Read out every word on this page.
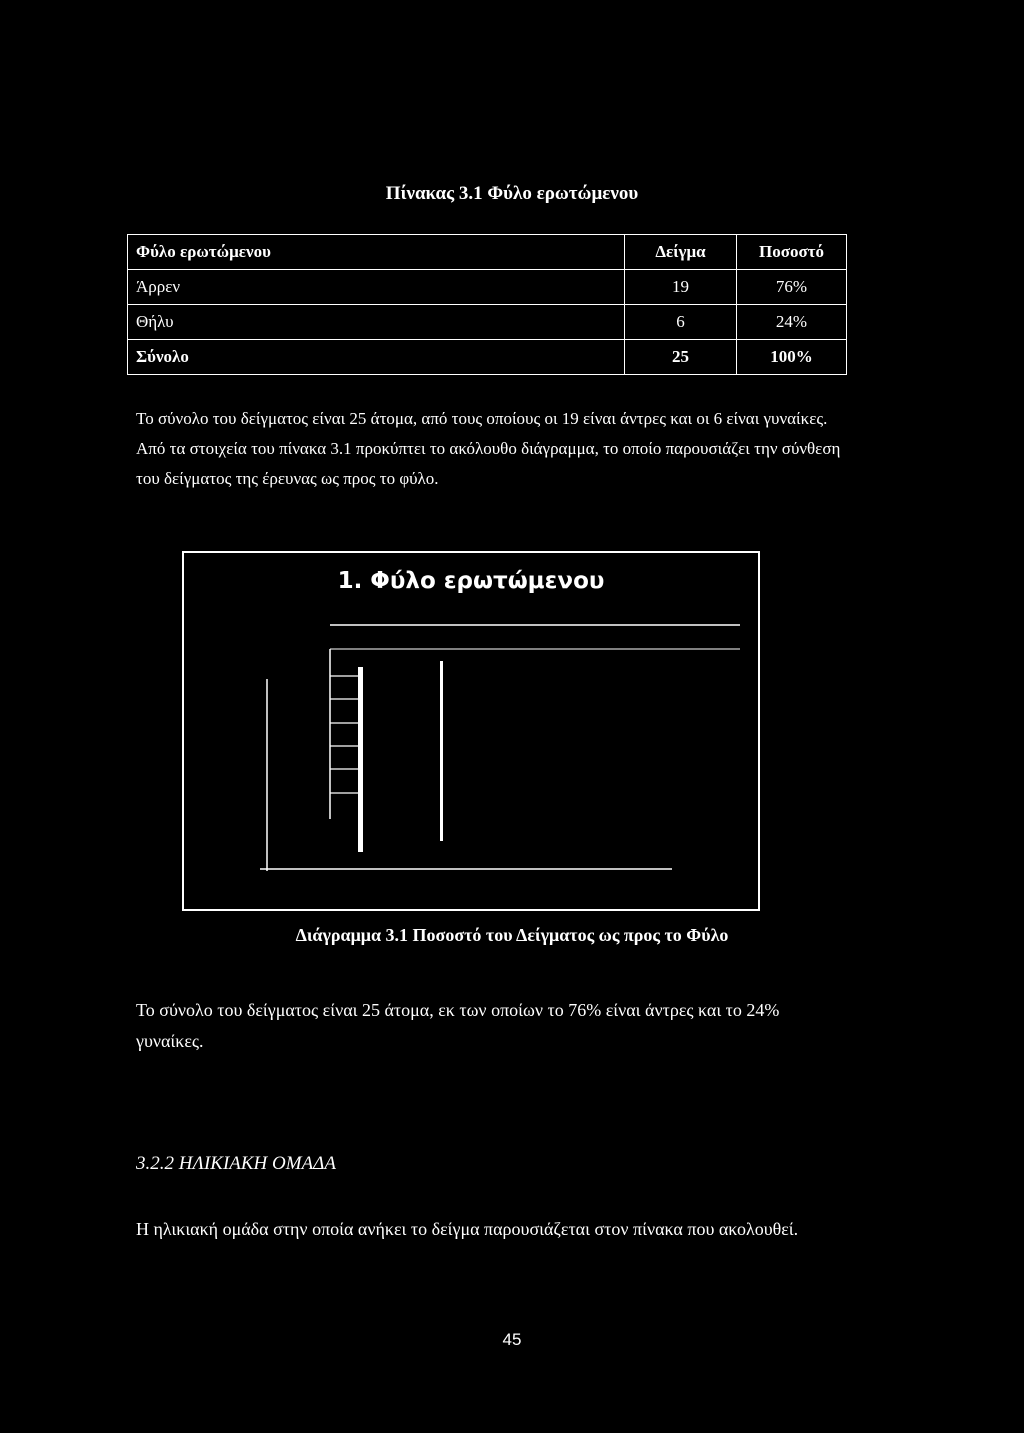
Πίνακας 3.1 Φύλο ερωτώμενου
Φύλο ερωτώμενου	Δείγμα	Ποσοστό
Άρρεν	19	76%
Θήλυ	6	24%
Σύνολο	25	100%
Το σύνολο του δείγματος είναι 25 άτομα, από τους οποίους οι 19 είναι άντρες και οι 6 είναι γυναίκες. Από τα στοιχεία του πίνακα 3.1 προκύπτει το ακόλουθο διάγραμμα, το οποίο παρουσιάζει την σύνθεση του δείγματος της έρευνας ως προς το φύλο.
1. Φύλο ερωτώμενου
Διάγραμμα 3.1 Ποσοστό του Δείγματος ως προς το Φύλο
Το σύνολο του δείγματος είναι 25 άτομα, εκ των οποίων το 76% είναι άντρες και το 24% γυναίκες.
3.2.2 ΗΛΙΚΙΑΚΗ ΟΜΑΔΑ
Η ηλικιακή ομάδα στην οποία ανήκει το δείγμα παρουσιάζεται στον πίνακα που ακολουθεί.
45
